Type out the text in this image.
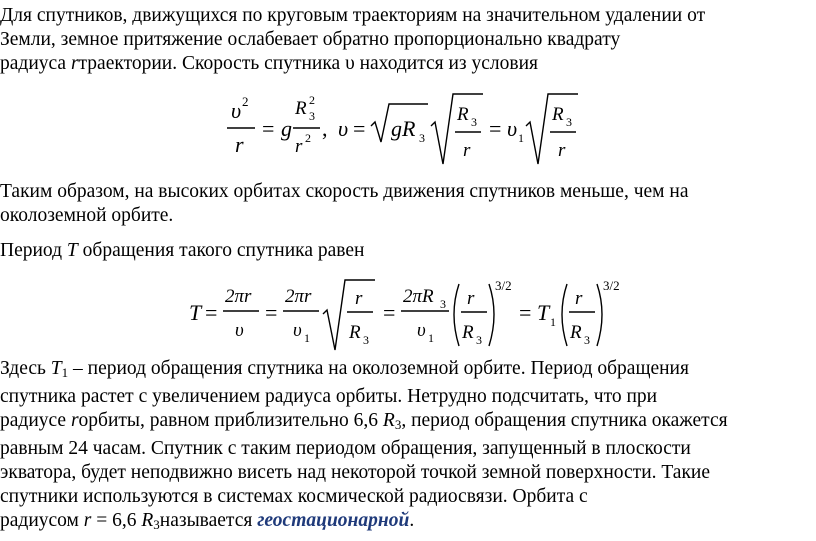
Для спутников, движущихся по круговым траекториям на значительном удалении от
Земли, земное притяжение ослабевает обратно пропорционально квадрату
радиуса rтраектории. Скорость спутника υ находится из условия
υ 2
r
= g
R 2
3
r 2 , υ = gR 3
R 3
r
= υ 1
R 3
r
Таким образом, на высоких орбитах скорость движения спутников меньше, чем на
околоземной орбите.
Период T обращения такого спутника равен
T =
2πr
υ
=
2πr
υ 1
r
R 3
=
2πR 3
υ 1
r
R 3
3/2
= T 1
r
R 3
3/2
Здесь $T_1$ – период обращения спутника на околоземной орбите. Период обращения
спутника растет с увеличением радиуса орбиты. Нетрудно подсчитать, что при
радиусе rорбиты, равном приблизительно 6,6 $R_3$, период обращения спутника окажется
равным 24 часам. Спутник с таким периодом обращения, запущенный в плоскости
экватора, будет неподвижно висеть над некоторой точкой земной поверхности. Такие
спутники используются в системах космической радиосвязи. Орбита с
радиусом r = 6,6 $R_3называется$ геостационарной.
